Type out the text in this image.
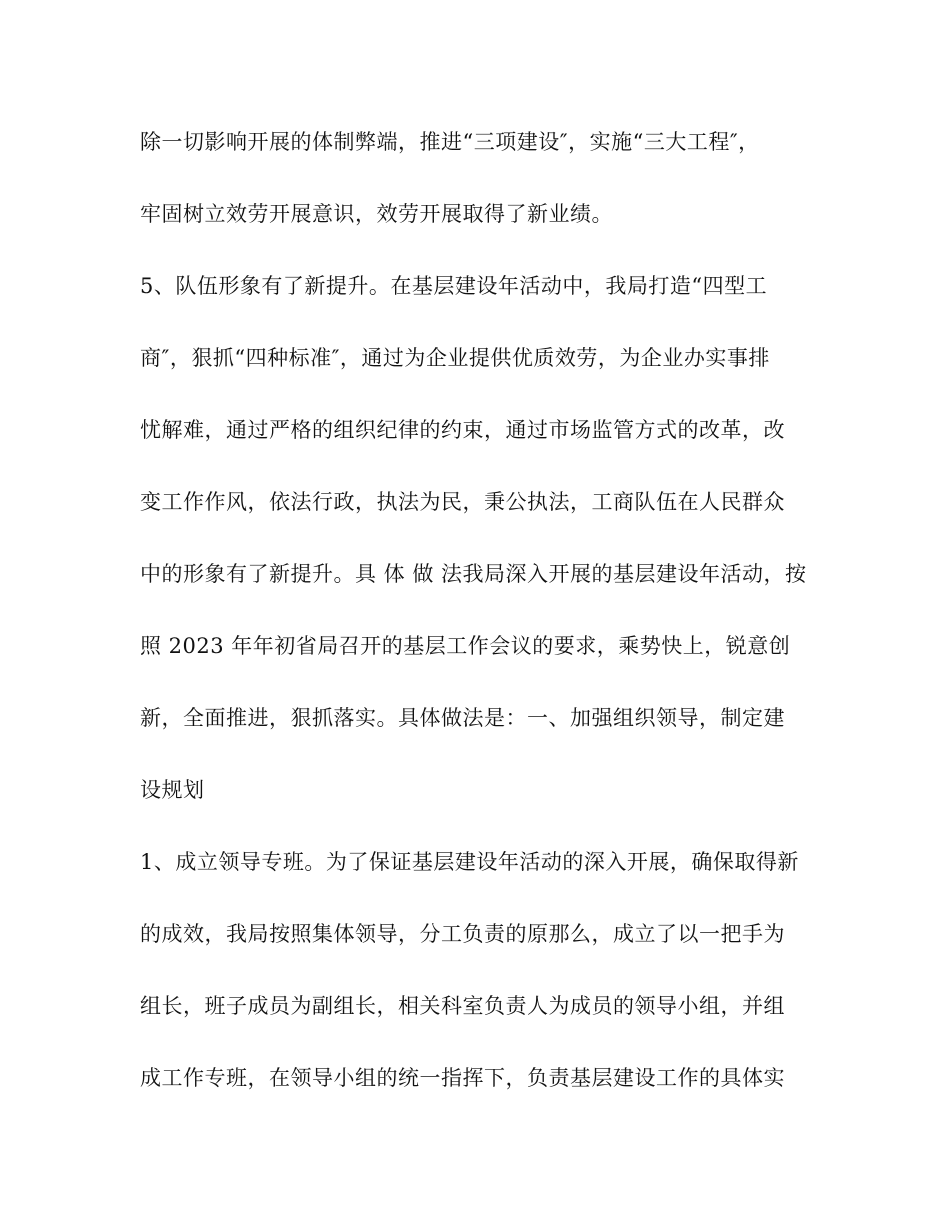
除一切影响开展的体制弊端，推进“三项建设″，实施“三大工程″，
牢固树立效劳开展意识，效劳开展取得了新业绩。
5、队伍形象有了新提升。在基层建设年活动中，我局打造“四型工
商″，狠抓“四种标准″，通过为企业提供优质效劳，为企业办实事排
忧解难，通过严格的组织纪律的约束，通过市场监管方式的改革，改
变工作作风，依法行政，执法为民，秉公执法，工商队伍在人民群众
中的形象有了新提升。具 体 做 法我局深入开展的基层建设年活动，按
照 2023 年年初省局召开的基层工作会议的要求，乘势快上，锐意创
新，全面推进，狠抓落实。具体做法是：一、加强组织领导，制定建
设规划
1、成立领导专班。为了保证基层建设年活动的深入开展，确保取得新
的成效，我局按照集体领导，分工负责的原那么，成立了以一把手为
组长，班子成员为副组长，相关科室负责人为成员的领导小组，并组
成工作专班，在领导小组的统一指挥下，负责基层建设工作的具体实
